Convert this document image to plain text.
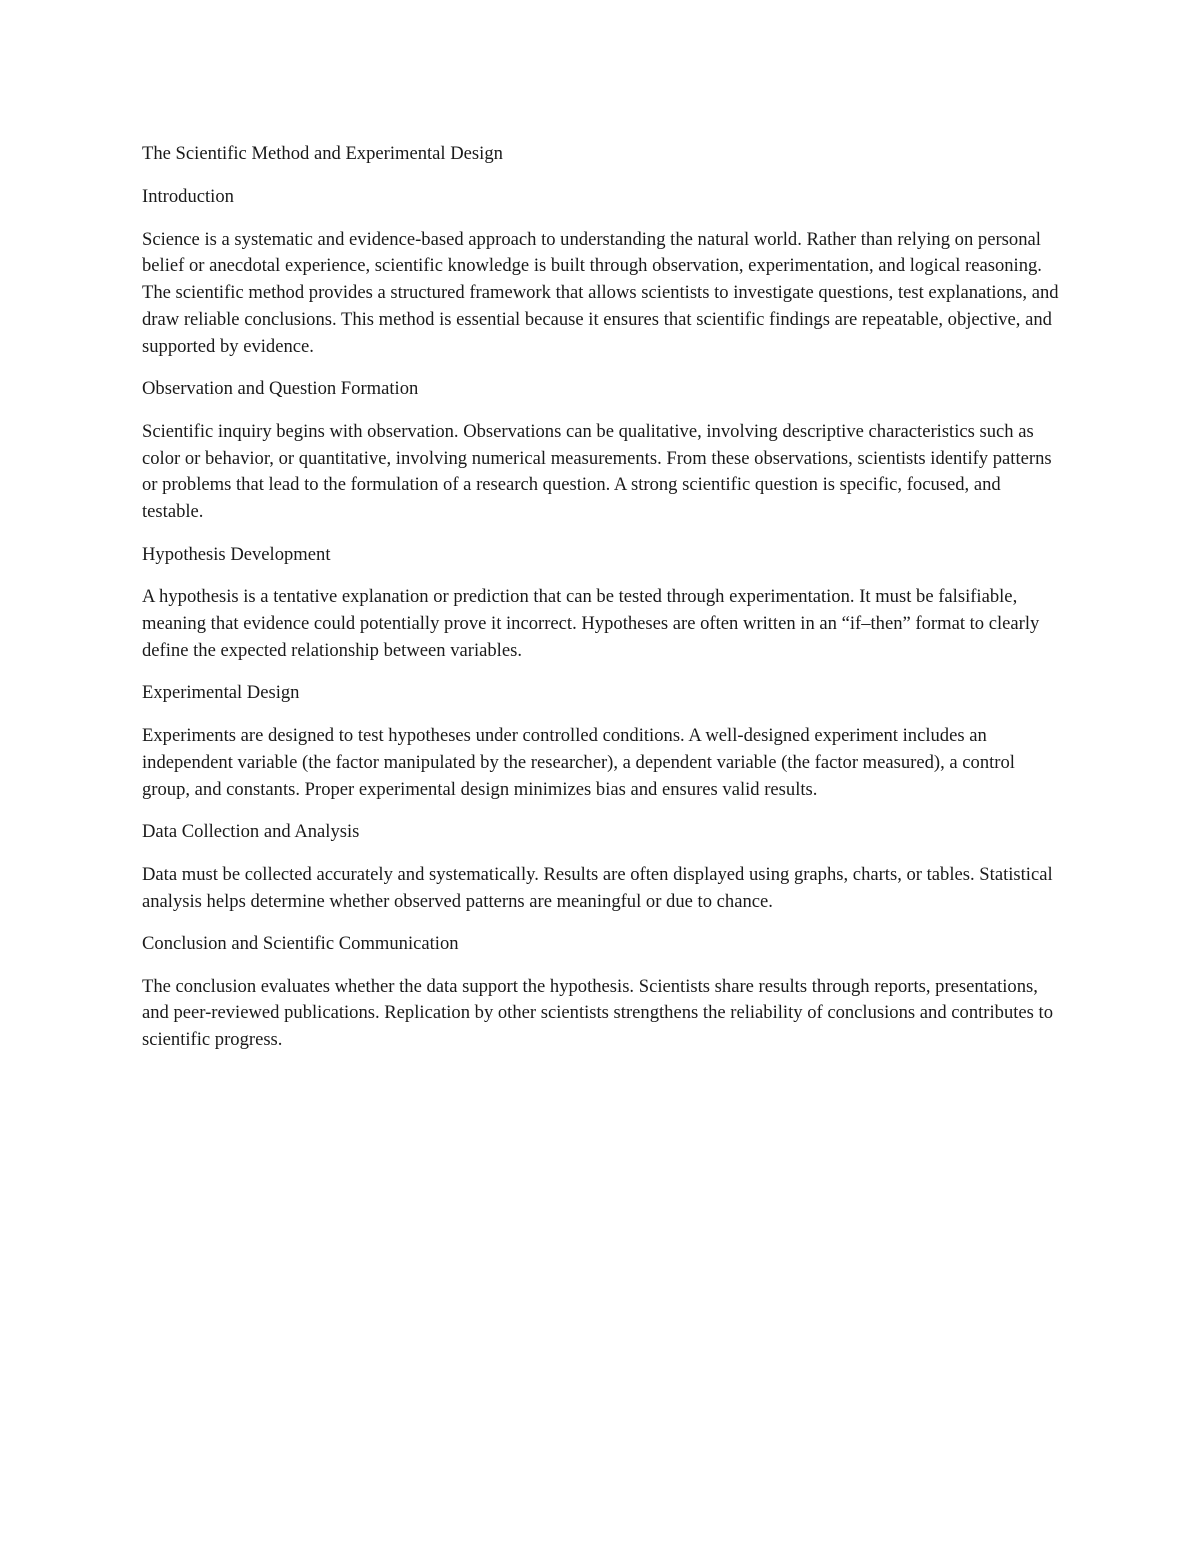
The Scientific Method and Experimental Design
Introduction

Science is a systematic and evidence-based approach to understanding the natural world. Rather than relying on personal belief or anecdotal experience, scientific knowledge is built through observation, experimentation, and logical reasoning. The scientific method provides a structured framework that allows scientists to investigate questions, test explanations, and draw reliable conclusions. This method is essential because it ensures that scientific findings are repeatable, objective, and supported by evidence.

Observation and Question Formation

Scientific inquiry begins with observation. Observations can be qualitative, involving descriptive characteristics such as color or behavior, or quantitative, involving numerical measurements. From these observations, scientists identify patterns or problems that lead to the formulation of a research question. A strong scientific question is specific, focused, and testable.

Hypothesis Development

A hypothesis is a tentative explanation or prediction that can be tested through experimentation. It must be falsifiable, meaning that evidence could potentially prove it incorrect. Hypotheses are often written in an “if–then” format to clearly define the expected relationship between variables.

Experimental Design

Experiments are designed to test hypotheses under controlled conditions. A well-designed experiment includes an independent variable (the factor manipulated by the researcher), a dependent variable (the factor measured), a control group, and constants. Proper experimental design minimizes bias and ensures valid results.

Data Collection and Analysis

Data must be collected accurately and systematically. Results are often displayed using graphs, charts, or tables. Statistical analysis helps determine whether observed patterns are meaningful or due to chance.

Conclusion and Scientific Communication

The conclusion evaluates whether the data support the hypothesis. Scientists share results through reports, presentations, and peer-reviewed publications. Replication by other scientists strengthens the reliability of conclusions and contributes to scientific progress.
